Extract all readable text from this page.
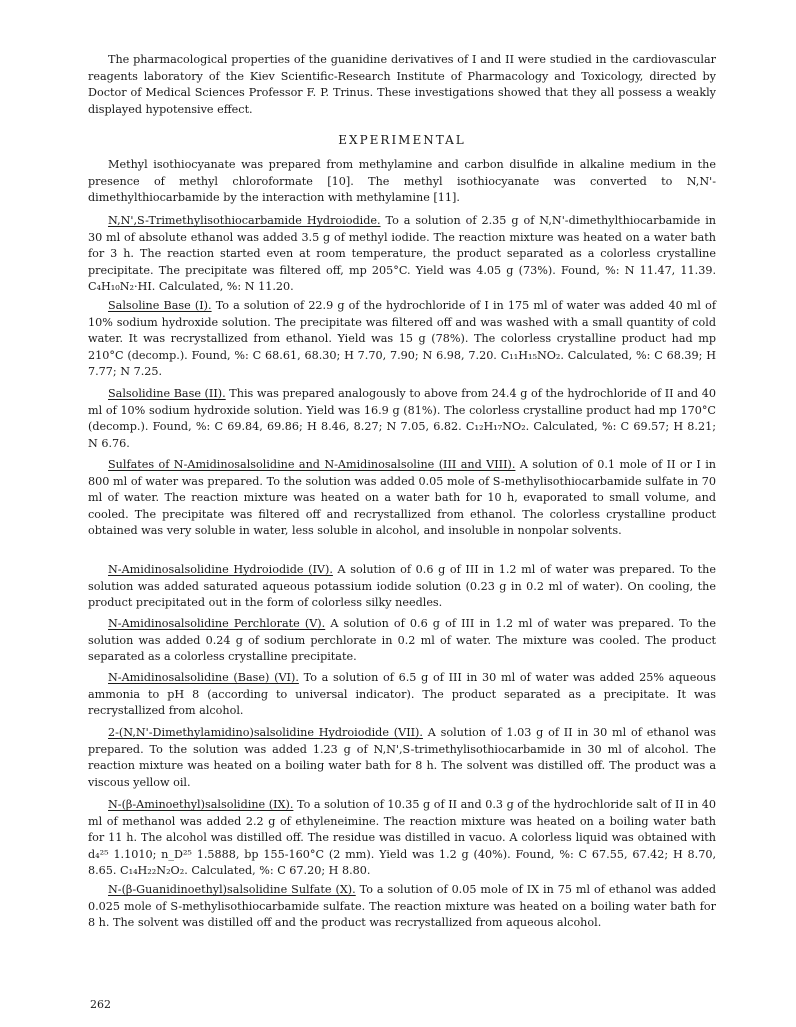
The pharmacological properties of the guanidine derivatives of I and II were studied in the cardiovascular reagents laboratory of the Kiev Scientific-Research Institute of Pharmacology and Toxicology, directed by Doctor of Medical Sciences Professor F. P. Trinus. These investigations showed that they all possess a weakly displayed hypotensive effect.

EXPERIMENTAL

Methyl isothiocyanate was prepared from methylamine and carbon disulfide in alkaline medium in the presence of methyl chloroformate [10]. The methyl isothiocyanate was converted to N,N'-dimethylthiocarbamide by the interaction with methylamine [11].

N,N',S-Trimethylisothiocarbamide Hydroiodide. To a solution of 2.35 g of N,N'-dimethylthiocarbamide in 30 ml of absolute ethanol was added 3.5 g of methyl iodide. The reaction mixture was heated on a water bath for 3 h. The reaction started even at room temperature, the product separated as a colorless crystalline precipitate. The precipitate was filtered off, mp 205°C. Yield was 4.05 g (73%). Found, %: N 11.47, 11.39. C₄H₁₀N₂·HI. Calculated, %: N 11.20.

Salsoline Base (I). To a solution of 22.9 g of the hydrochloride of I in 175 ml of water was added 40 ml of 10% sodium hydroxide solution. The precipitate was filtered off and was washed with a small quantity of cold water. It was recrystallized from ethanol. Yield was 15 g (78%). The colorless crystalline product had mp 210°C (decomp.). Found, %: C 68.61, 68.30; H 7.70, 7.90; N 6.98, 7.20. C₁₁H₁₅NO₂. Calculated, %: C 68.39; H 7.77; N 7.25.

Salsolidine Base (II). This was prepared analogously to above from 24.4 g of the hydrochloride of II and 40 ml of 10% sodium hydroxide solution. Yield was 16.9 g (81%). The colorless crystalline product had mp 170°C (decomp.). Found, %: C 69.84, 69.86; H 8.46, 8.27; N 7.05, 6.82. C₁₂H₁₇NO₂. Calculated, %: C 69.57; H 8.21; N 6.76.

Sulfates of N-Amidinosalsolidine and N-Amidinosalsoline (III and VIII). A solution of 0.1 mole of II or I in 800 ml of water was prepared. To the solution was added 0.05 mole of S-methylisothiocarbamide sulfate in 70 ml of water. The reaction mixture was heated on a water bath for 10 h, evaporated to small volume, and cooled. The precipitate was filtered off and recrystallized from ethanol. The colorless crystalline product obtained was very soluble in water, less soluble in alcohol, and insoluble in nonpolar solvents.

N-Amidinosalsolidine Hydroiodide (IV). A solution of 0.6 g of III in 1.2 ml of water was prepared. To the solution was added saturated aqueous potassium iodide solution (0.23 g in 0.2 ml of water). On cooling, the product precipitated out in the form of colorless silky needles.

N-Amidinosalsolidine Perchlorate (V). A solution of 0.6 g of III in 1.2 ml of water was prepared. To the solution was added 0.24 g of sodium perchlorate in 0.2 ml of water. The mixture was cooled. The product separated as a colorless crystalline precipitate.

N-Amidinosalsolidine (Base) (VI). To a solution of 6.5 g of III in 30 ml of water was added 25% aqueous ammonia to pH 8 (according to universal indicator). The product separated as a precipitate. It was recrystallized from alcohol.

2-(N,N'-Dimethylamidino)salsolidine Hydroiodide (VII). A solution of 1.03 g of II in 30 ml of ethanol was prepared. To the solution was added 1.23 g of N,N',S-trimethylisothiocarbamide in 30 ml of alcohol. The reaction mixture was heated on a boiling water bath for 8 h. The solvent was distilled off. The product was a viscous yellow oil.

N-(β-Aminoethyl)salsolidine (IX). To a solution of 10.35 g of II and 0.3 g of the hydrochloride salt of II in 40 ml of methanol was added 2.2 g of ethyleneimine. The reaction mixture was heated on a boiling water bath for 11 h. The alcohol was distilled off. The residue was distilled in vacuo. A colorless liquid was obtained with d₄²⁵ 1.1010; n_D²⁵ 1.5888, bp 155-160°C (2 mm). Yield was 1.2 g (40%). Found, %: C 67.55, 67.42; H 8.70, 8.65. C₁₄H₂₂N₂O₂. Calculated, %: C 67.20; H 8.80.

N-(β-Guanidinoethyl)salsolidine Sulfate (X). To a solution of 0.05 mole of IX in 75 ml of ethanol was added 0.025 mole of S-methylisothiocarbamide sulfate. The reaction mixture was heated on a boiling water bath for 8 h. The solvent was distilled off and the product was recrystallized from aqueous alcohol.

262
